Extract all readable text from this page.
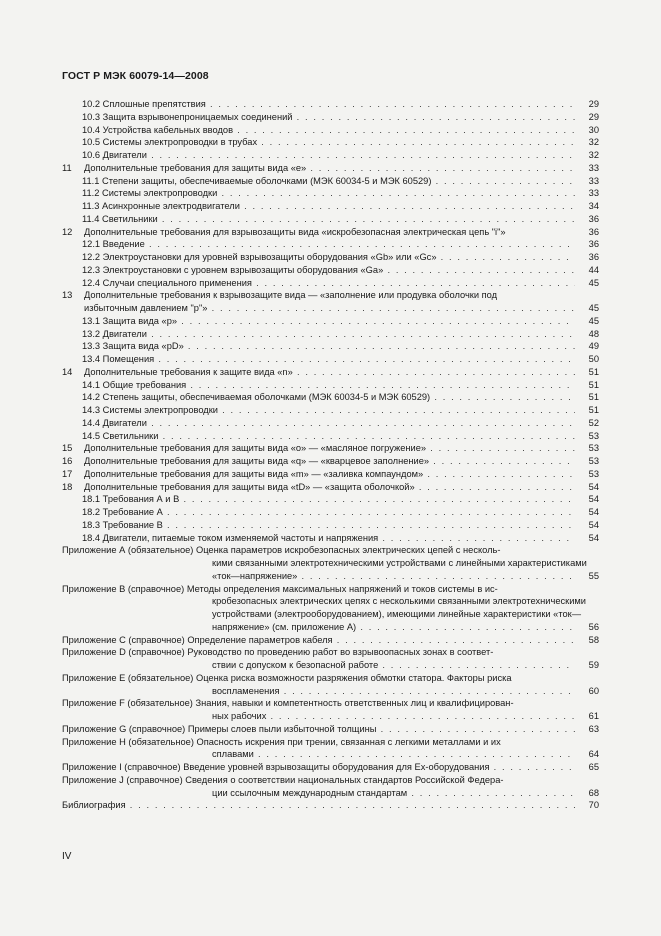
ГОСТ Р МЭК 60079-14—2008
10.2 Сплошные препятствия . . .	29
10.3 Защита взрывонепроницаемых соединений . . .	29
10.4 Устройства кабельных вводов . . .	30
10.5 Системы электропроводки в трубах . . .	32
10.6 Двигатели . . .	32
11 Дополнительные требования для защиты вида «е» . . .	33
11.1 Степени защиты, обеспечиваемые оболочками (МЭК 60034-5 и МЭК 60529) . . .	33
11.2 Системы электропроводки . . .	33
11.3 Асинхронные электродвигатели . . .	34
11.4 Светильники . . .	36
12 Дополнительные требования для взрывозащиты вида «искробезопасная электрическая цепь "i"»	36
12.1 Введение . . .	36
12.2 Электроустановки для уровней взрывозащиты оборудования «Gb» или «Gc» . . .	36
12.3 Электроустановки с уровнем взрывозащиты оборудования «Ga» . . .	44
12.4 Случаи специального применения . . .	45
13 Дополнительные требования к взрывозащите вида — «заполнение или продувка оболочки под
избыточным давлением "р"» . . .	45
13.1 Защита вида «р» . . .	45
13.2 Двигатели . . .	48
13.3 Защита вида «pD» . . .	49
13.4 Помещения . . .	50
14 Дополнительные требования к защите вида «n» . . .	51
14.1 Общие требования . . .	51
14.2 Степень защиты, обеспечиваемая оболочками (МЭК 60034-5 и МЭК 60529) . . .	51
14.3 Системы электропроводки . . .	51
14.4 Двигатели . . .	52
14.5 Светильники . . .	53
15 Дополнительные требования для защиты вида «о» — «масляное погружение» . . .	53
16 Дополнительные требования для защиты вида «q» — «кварцевое заполнение» . . .	53
17 Дополнительные требования для защиты вида «m» — «заливка компаундом» . . .	53
18 Дополнительные требования для защиты вида «tD» — «защита оболочкой» . . .	54
18.1 Требования А и В . . .	54
18.2 Требование А . . .	54
18.3 Требование В . . .	54
18.4 Двигатели, питаемые током изменяемой частоты и напряжения . . .	54
Приложение А (обязательное) Оценка параметров искробезопасных электрических цепей с несколь-
кими связанными электротехническими устройствами с линейными характеристиками
«ток—напряжение» . . .	55
Приложение В (справочное) Методы определения максимальных напряжений и токов системы в ис-
кробезопасных электрических цепях с несколькими связанными электротехническими
устройствами (электрооборудованием), имеющими линейные характеристики «ток—
напряжение» (см. приложение А) . . .	56
Приложение С (справочное) Определение параметров кабеля . . .	58
Приложение D (справочное) Руководство по проведению работ во взрывоопасных зонах в соответ-
ствии с допуском к безопасной работе . . .	59
Приложение Е (обязательное) Оценка риска возможности разряжения обмотки статора. Факторы риска
воспламенения . . .	60
Приложение F (обязательное) Знания, навыки и компетентность ответственных лиц и квалифицирован-
ных рабочих . . .	61
Приложение G (справочное) Примеры слоев пыли избыточной толщины . . .	63
Приложение Н (обязательное) Опасность искрения при трении, связанная с легкими металлами и их
сплавами . . .	64
Приложение I (справочное) Введение уровней взрывозащиты оборудования для Ех-оборудования . . .	65
Приложение J (справочное) Сведения о соответствии национальных стандартов Российской Федера-
ции ссылочным международным стандартам . . .	68
Библиография . . .	70
IV
